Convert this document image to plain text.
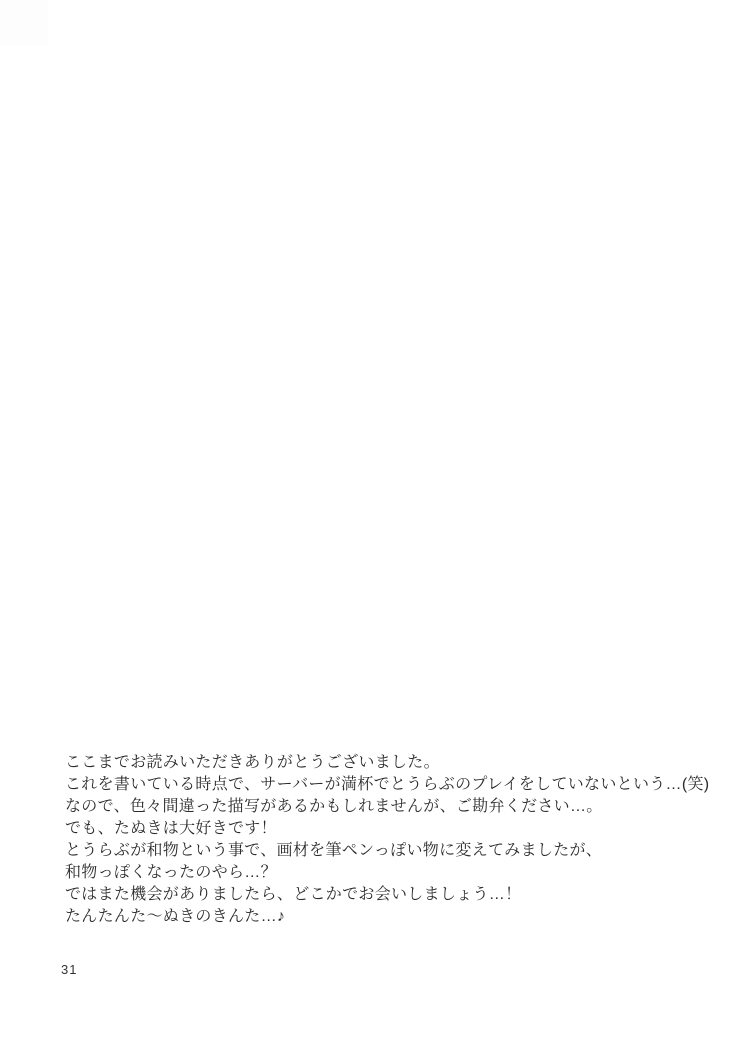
ここまでお読みいただきありがとうございました。
これを書いている時点で、サーバーが満杯でとうらぶのプレイをしていないという…(笑)
なので、色々間違った描写があるかもしれませんが、ご勘弁ください…。
でも、たぬきは大好きです！
とうらぶが和物という事で、画材を筆ペンっぽい物に変えてみましたが、
和物っぽくなったのやら…？
ではまた機会がありましたら、どこかでお会いしましょう…！
たんたんた〜ぬきのきんた…♪
31
